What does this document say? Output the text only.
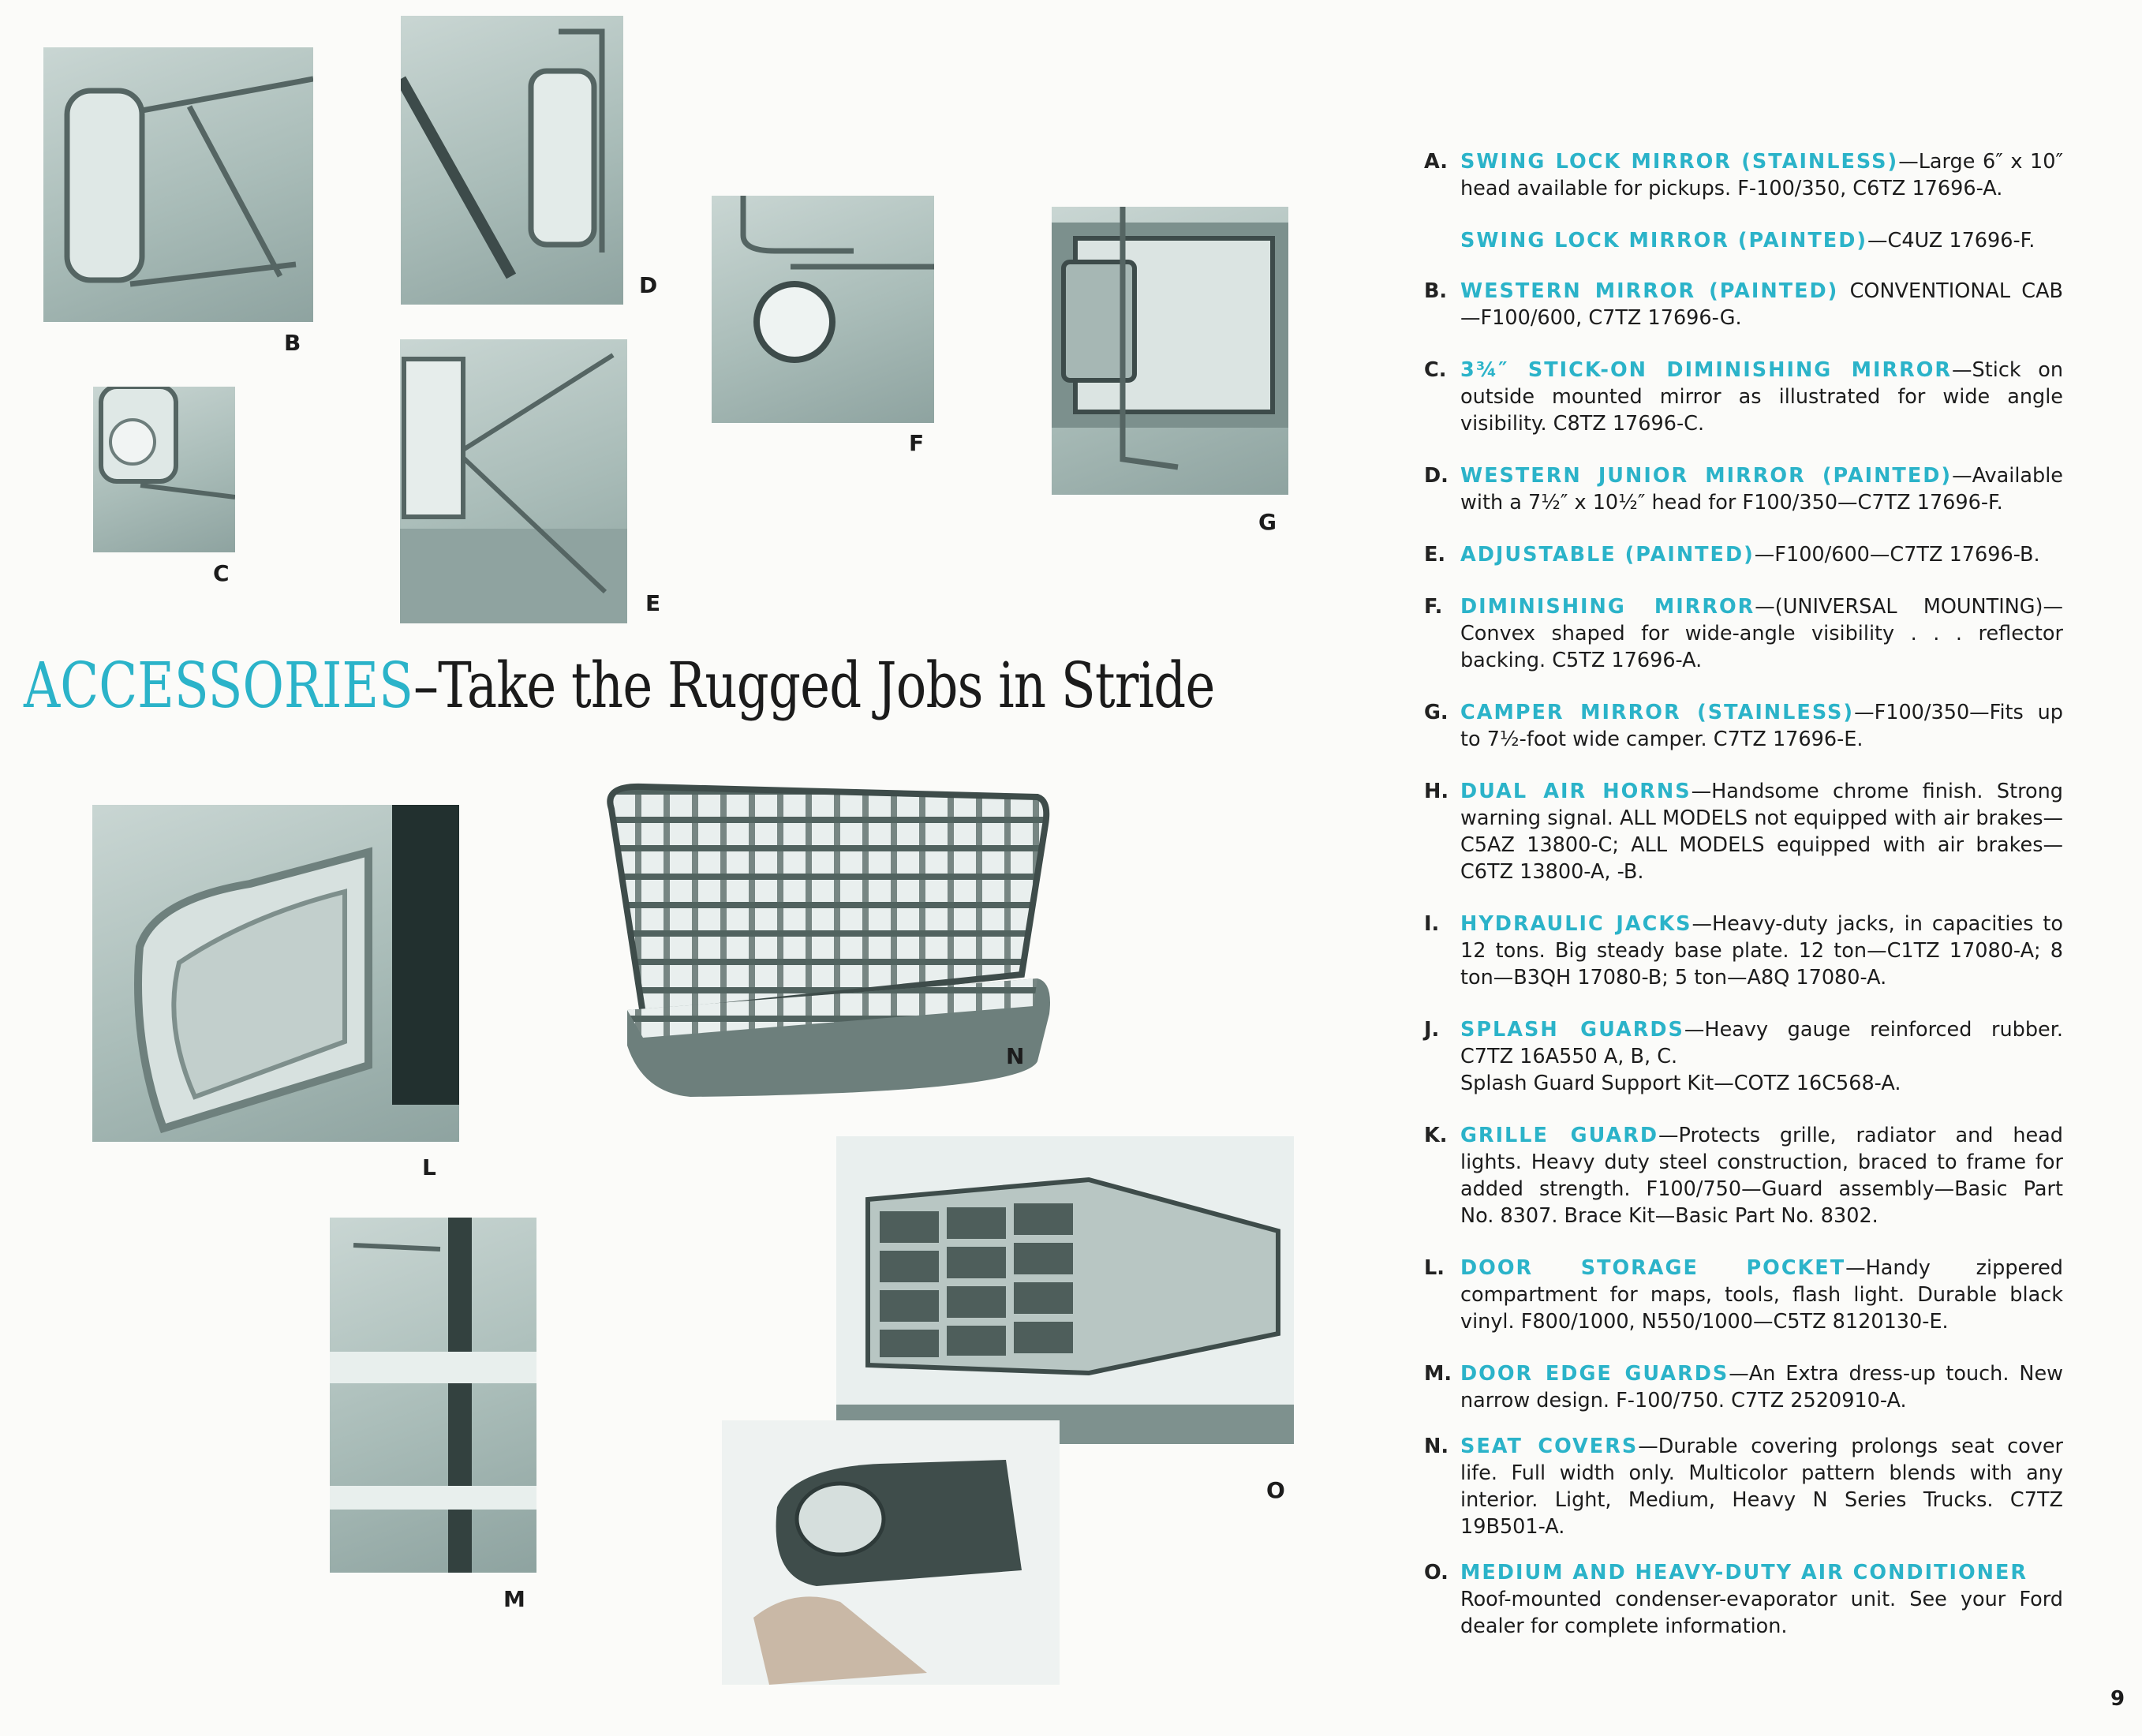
B
C
D
E
F
G
L
M
N
O
ACCESSORIES–Take the Rugged Jobs in Stride
A. SWING LOCK MIRROR (STAINLESS)—Large 6″ x 10″ head available for pickups. F-100/350, C6TZ 17696-A.
SWING LOCK MIRROR (PAINTED)—C4UZ 17696-F.
B. WESTERN MIRROR (PAINTED) CONVENTIONAL CAB —F100/600, C7TZ 17696-G.
C. 3¾″ STICK-ON DIMINISHING MIRROR—Stick on outside mounted mirror as illustrated for wide angle visibility. C8TZ 17696-C.
D. WESTERN JUNIOR MIRROR (PAINTED)—Available with a 7½″ x 10½″ head for F100/350—C7TZ 17696-F.
E. ADJUSTABLE (PAINTED)—F100/600—C7TZ 17696-B.
F. DIMINISHING MIRROR—(UNIVERSAL MOUNTING)— Convex shaped for wide-angle visibility . . . reflector backing. C5TZ 17696-A.
G. CAMPER MIRROR (STAINLESS)—F100/350—Fits up to 7½-foot wide camper. C7TZ 17696-E.
H. DUAL AIR HORNS—Handsome chrome finish. Strong warning signal. ALL MODELS not equipped with air brakes— C5AZ 13800-C; ALL MODELS equipped with air brakes— C6TZ 13800-A, -B.
I. HYDRAULIC JACKS—Heavy-duty jacks, in capacities to 12 tons. Big steady base plate. 12 ton—C1TZ 17080-A; 8 ton—B3QH 17080-B; 5 ton—A8Q 17080-A.
J. SPLASH GUARDS—Heavy gauge reinforced rubber. C7TZ 16A550 A, B, C.
Splash Guard Support Kit—COTZ 16C568-A.
K. GRILLE GUARD—Protects grille, radiator and head lights. Heavy duty steel construction, braced to frame for added strength. F100/750—Guard assembly—Basic Part No. 8307. Brace Kit—Basic Part No. 8302.
L. DOOR STORAGE POCKET—Handy zippered compartment for maps, tools, flash light. Durable black vinyl. F800/1000, N550/1000—C5TZ 8120130-E.
M. DOOR EDGE GUARDS—An Extra dress-up touch. New narrow design. F-100/750. C7TZ 2520910-A.
N. SEAT COVERS—Durable covering prolongs seat cover life. Full width only. Multicolor pattern blends with any interior. Light, Medium, Heavy N Series Trucks. C7TZ 19B501-A.
O. MEDIUM AND HEAVY-DUTY AIR CONDITIONER
Roof-mounted condenser-evaporator unit. See your Ford dealer for complete information.
9
